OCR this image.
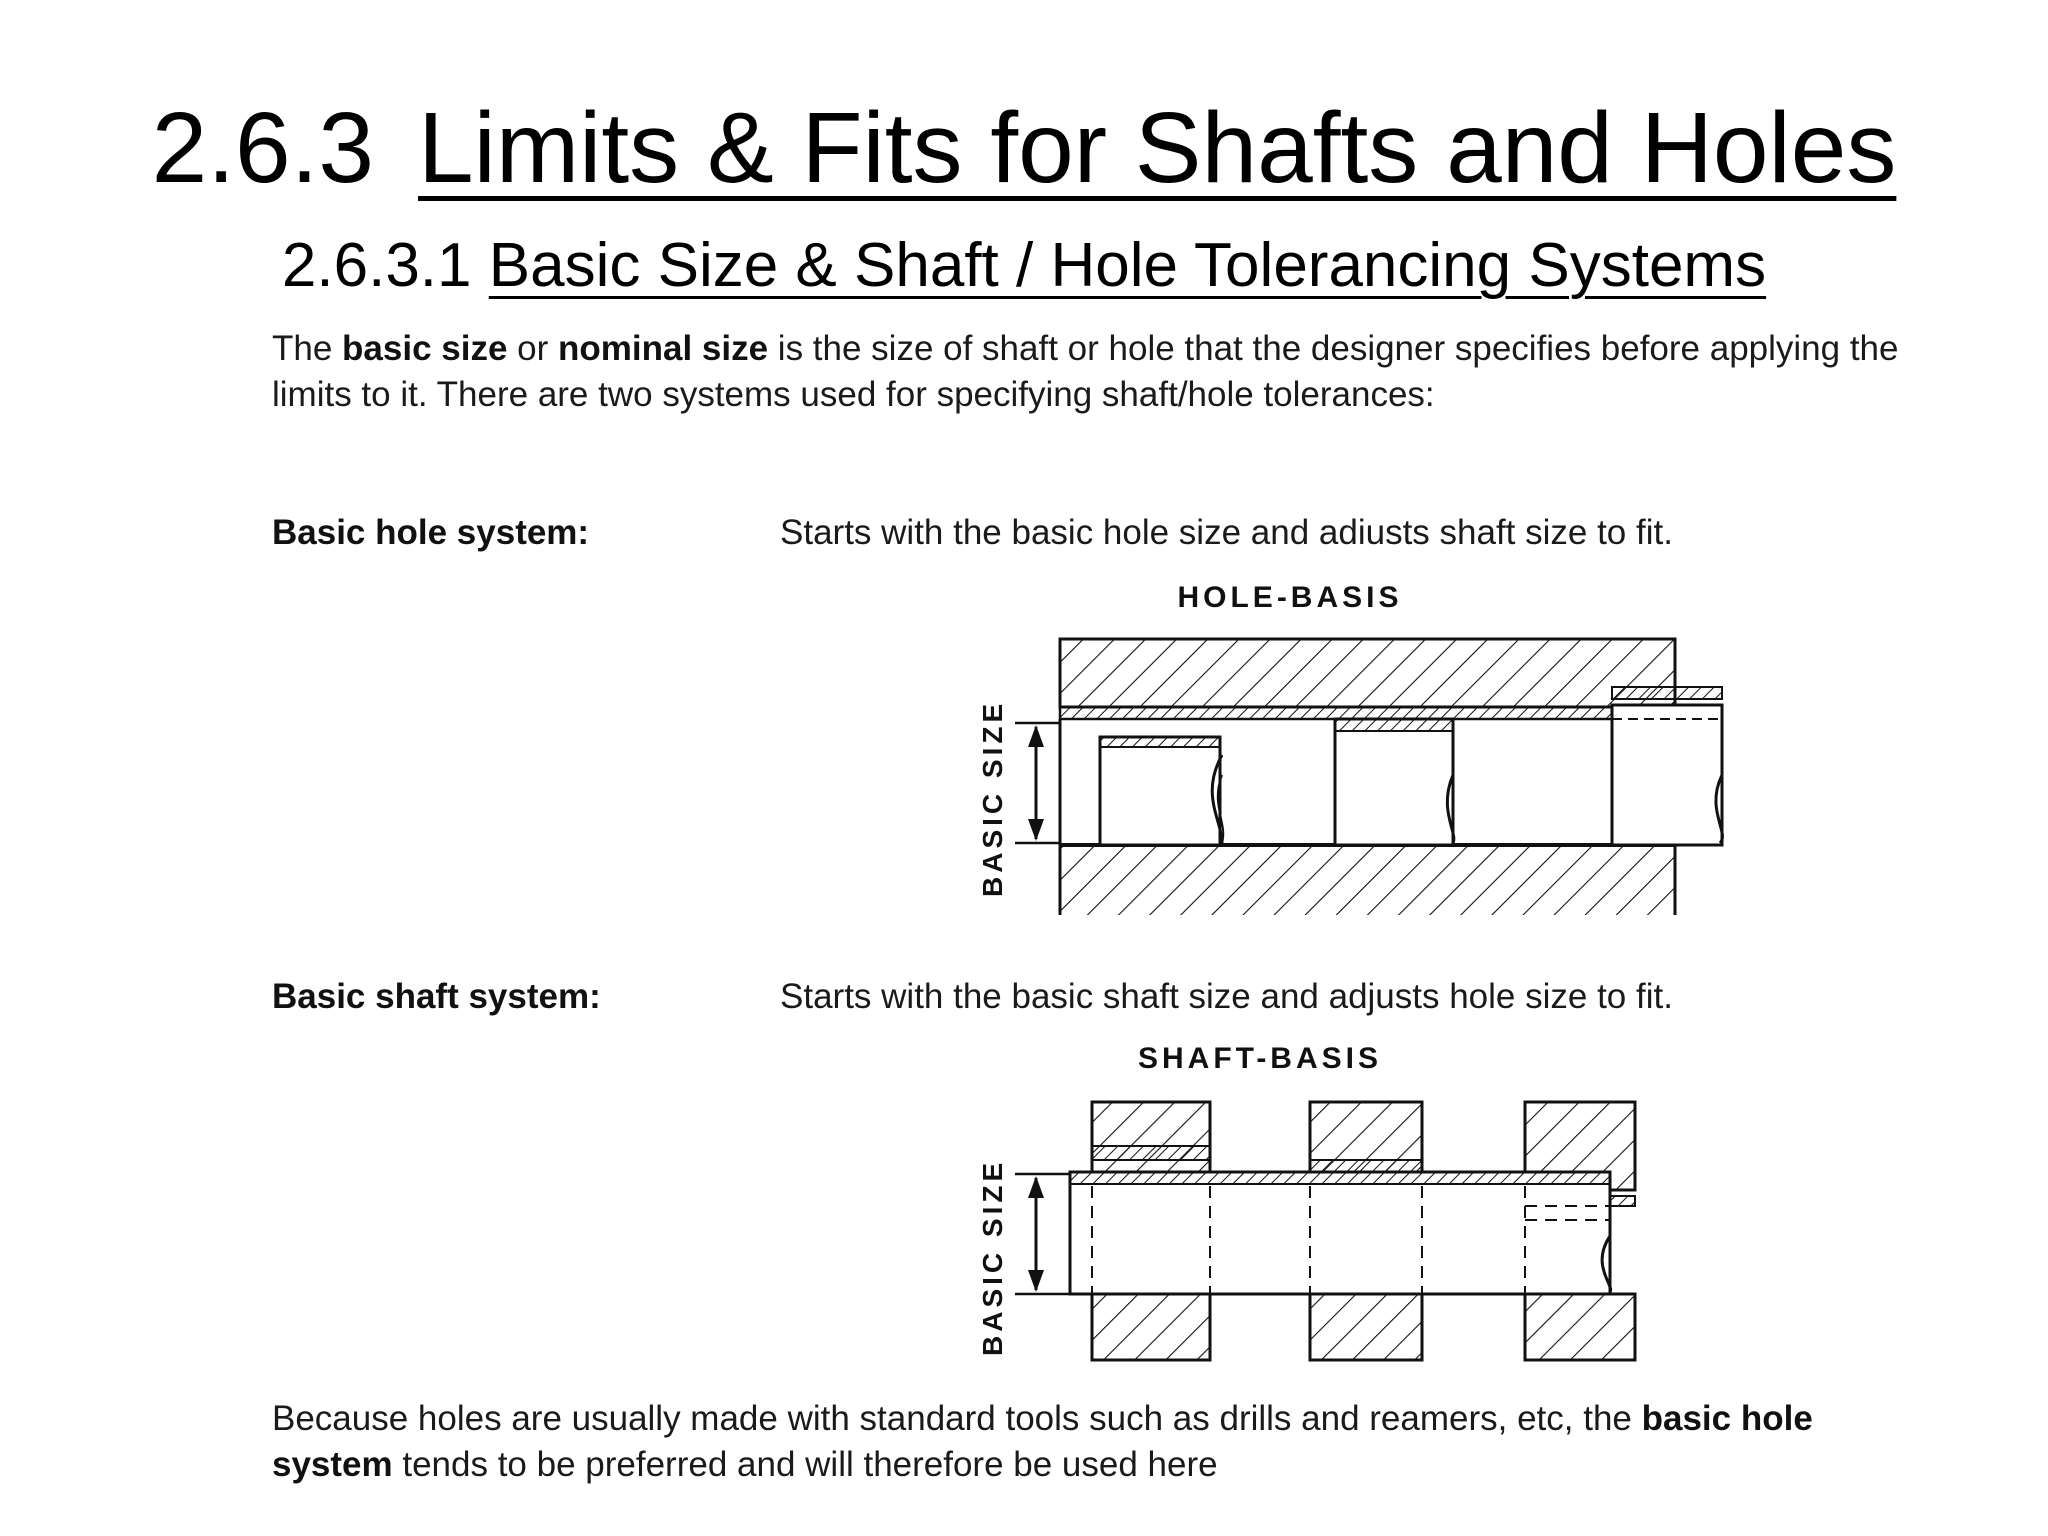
2.6.3 Limits & Fits for Shafts and Holes
2.6.3.1 Basic Size & Shaft / Hole Tolerancing Systems
The basic size or nominal size is the size of shaft or hole that the designer specifies before applying the limits to it. There are two systems used for specifying shaft/hole tolerances:
Basic hole system:	Starts with the basic hole size and adiusts shaft size to fit.
HOLE-BASIS
BASIC SIZE
Basic shaft system:	Starts with the basic shaft size and adjusts hole size to fit.
SHAFT-BASIS
BASIC SIZE
Because holes are usually made with standard tools such as drills and reamers, etc, the basic hole system tends to be preferred and will therefore be used here
